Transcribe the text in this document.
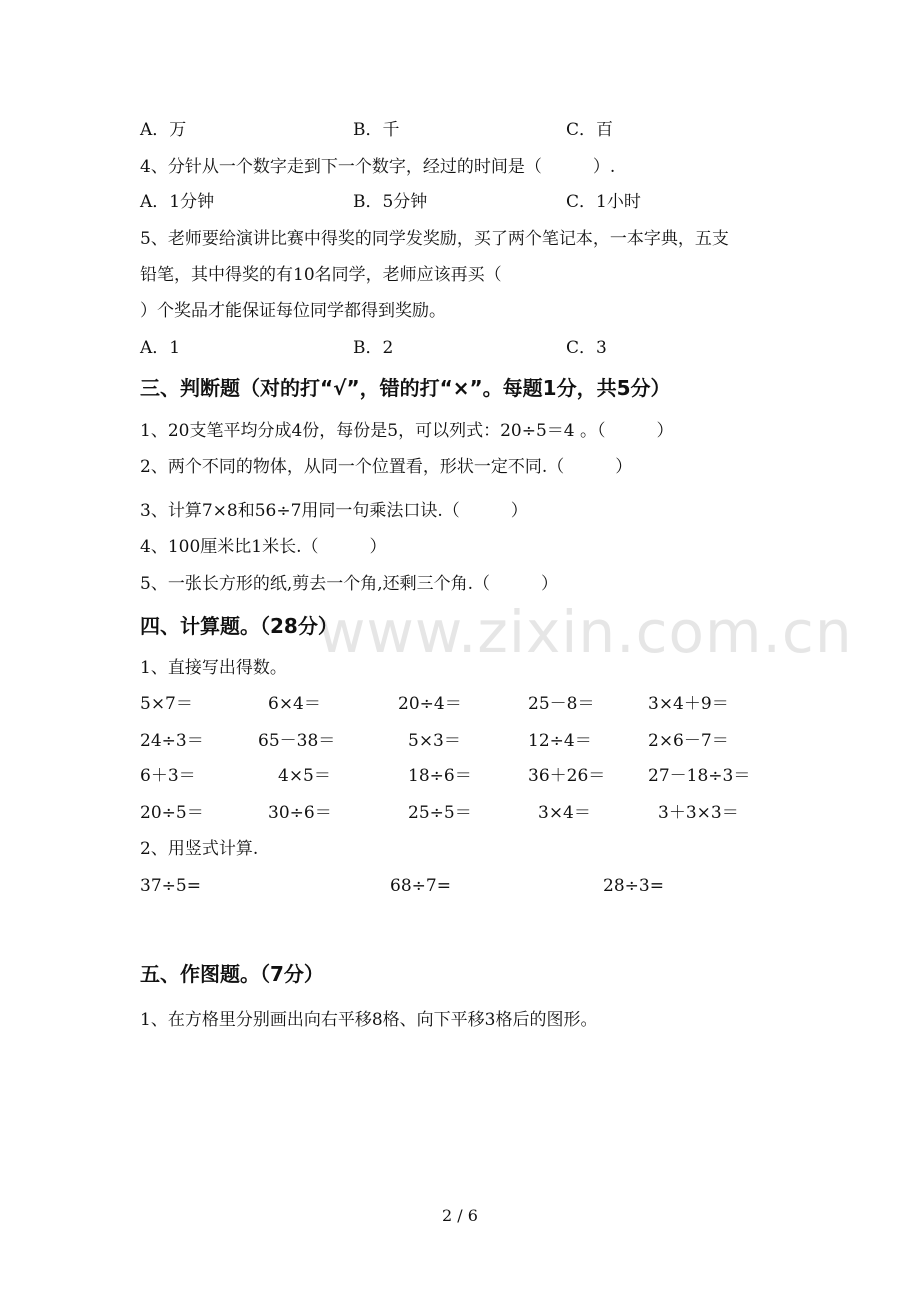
A．万	B．千	C．百
4、分针从一个数字走到下一个数字，经过的时间是（　　　）.
A．1分钟	B．5分钟	C．1小时
5、老师要给演讲比赛中得奖的同学发奖励，买了两个笔记本，一本字典，五支
铅笔，其中得奖的有10名同学，老师应该再买（
）个奖品才能保证每位同学都得到奖励。
A．1	B．2	C．3
三、判断题（对的打“√”，错的打“×”。每题1分，共5分）
1、20支笔平均分成4份，每份是5，可以列式：20÷5＝4 。（　　　）
2、两个不同的物体，从同一个位置看，形状一定不同.（　　　）
3、计算7×8和56÷7用同一句乘法口诀.（　　　）
4、100厘米比1米长.（　　　）
5、一张长方形的纸,剪去一个角,还剩三个角.（　　　）
www.zixin.com.cn
四、计算题。（28分）
1、直接写出得数。
5×7＝	6×4＝	20÷4＝	25－8＝	3×4＋9＝
24÷3＝	65－38＝	5×3＝	12÷4＝	2×6－7＝
6＋3＝	4×5＝	18÷6＝	36＋26＝	27－18÷3＝
20÷5＝	30÷6＝	25÷5＝	3×4＝	3＋3×3＝
2、用竖式计算.
37÷5=	68÷7=	28÷3=
五、作图题。（7分）
1、在方格里分别画出向右平移8格、向下平移3格后的图形。
2 / 6
